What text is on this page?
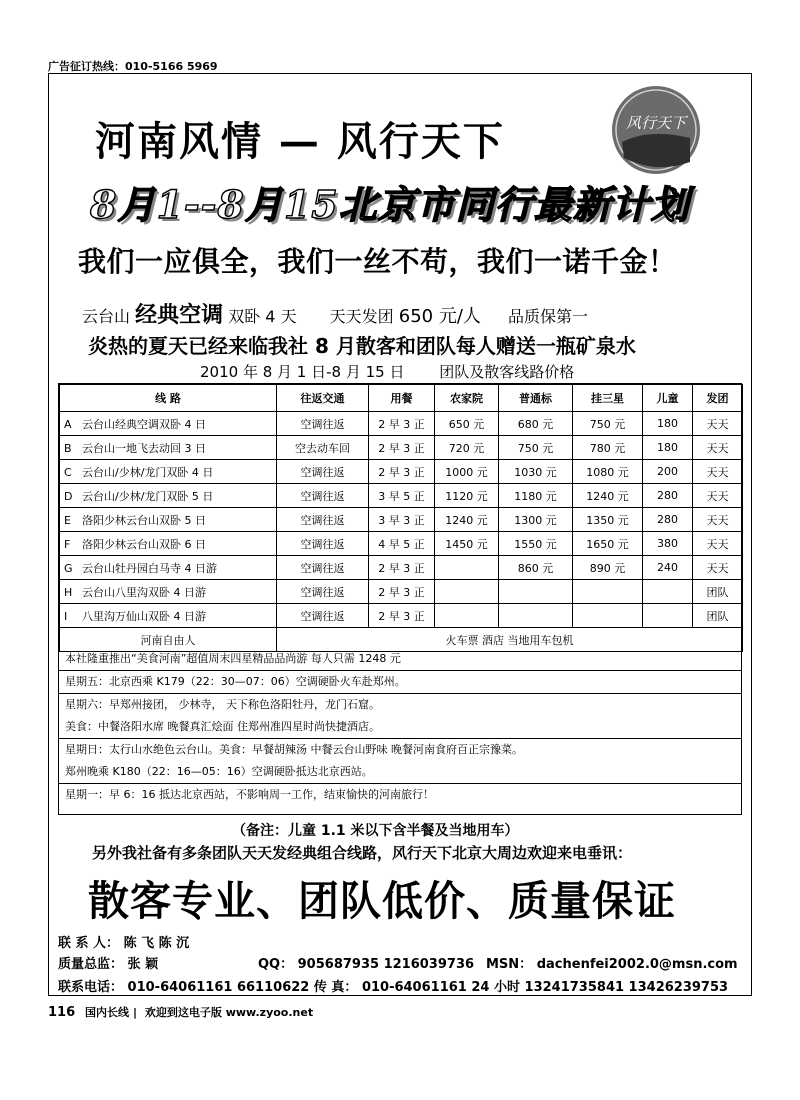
广告征订热线：010-5166 5969
河南风情 — 风行天下
8月1--8月15北京市同行最新计划
风行天下
我们一应俱全，我们一丝不苟，我们一诺千金！
云台山 经典空调 双卧 4 天 天天发团 650 元/人 品质保第一
炎热的夏天已经来临我社 8 月散客和团队每人赠送一瓶矿泉水
2010 年 8 月 1 日-8 月 15 日 团队及散客线路价格
线 路	往返交通	用餐	农家院	普通标	挂三星	儿童	发团
A 云台山经典空调双卧 4 日	空调往返	2 早 3 正	650 元	680 元	750 元	180	天天
B 云台山一地飞去动回 3 日	空去动车回	2 早 3 正	720 元	750 元	780 元	180	天天
C 云台山/少林/龙门双卧 4 日	空调往返	2 早 3 正	1000 元	1030 元	1080 元	200	天天
D 云台山/少林/龙门双卧 5 日	空调往返	3 早 5 正	1120 元	1180 元	1240 元	280	天天
E 洛阳少林云台山双卧 5 日	空调往返	3 早 3 正	1240 元	1300 元	1350 元	280	天天
F 洛阳少林云台山双卧 6 日	空调往返	4 早 5 正	1450 元	1550 元	1650 元	380	天天
G 云台山牡丹园白马寺 4 日游	空调往返	2 早 3 正		860 元	890 元	240	天天
H 云台山八里沟双卧 4 日游	空调往返	2 早 3 正					团队
I 八里沟万仙山双卧 4 日游	空调往返	2 早 3 正					团队
河南自由人	火车票 酒店 当地用车包机						
本社隆重推出“美食河南”超值周末四星精品品尚游 每人只需 1248 元
星期五：北京西乘 K179（22：30—07：06）空调硬卧火车赴郑州。
星期六：早郑州接团， 少林寺， 天下称色洛阳牡丹，龙门石窟。
美食：中餐洛阳水席 晚餐真汇烩面 住郑州准四星时尚快捷酒店。
星期日：太行山水绝色云台山。美食：早餐胡辣汤 中餐云台山野味 晚餐河南食府百正宗豫菜。
郑州晚乘 K180（22：16—05：16）空调硬卧抵达北京西站。
星期一：早 6：16 抵达北京西站，不影响周一工作，结束愉快的河南旅行！
（备注：儿童 1.1 米以下含半餐及当地用车）
另外我社备有多条团队天天发经典组合线路，风行天下北京大周边欢迎来电垂讯：
散客专业、团队低价、质量保证
联 系 人： 陈 飞 陈 沉
质量总监： 张 颖	QQ： 905687935 1216039736 MSN： dachenfei2002.0@msn.com
联系电话： 010-64061161 66110622 传 真： 010-64061161 24 小时 13241735841 13426239753
116 国内长线 | 欢迎到这电子版 www.zyoo.net
